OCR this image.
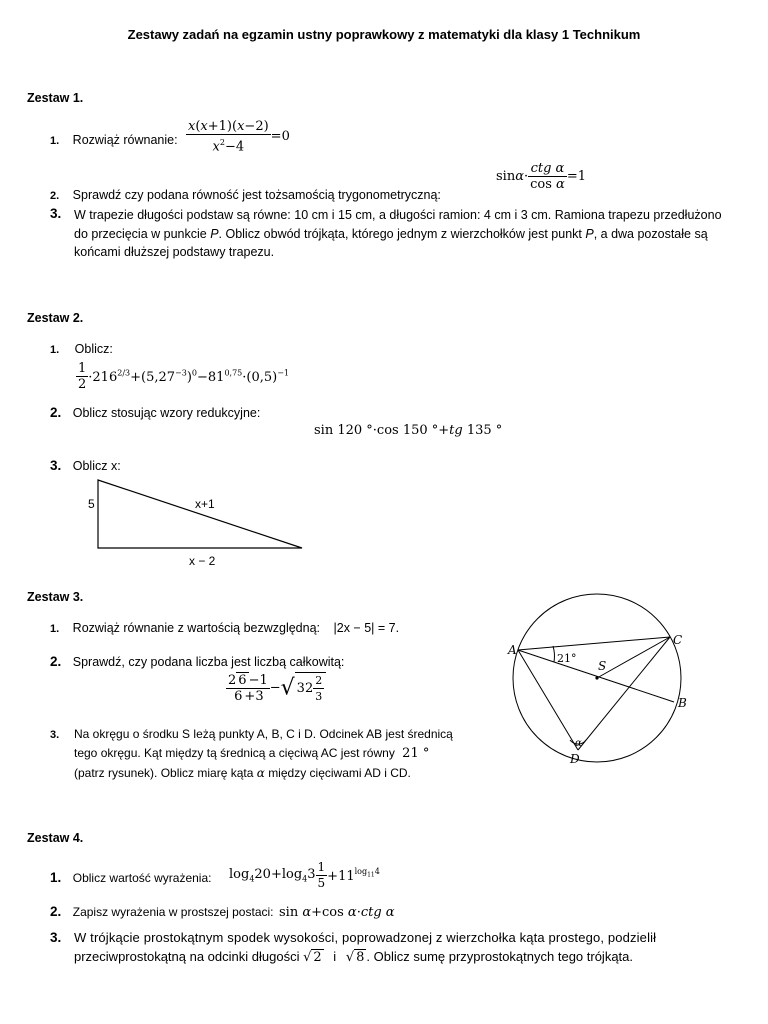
Zestawy zadań na egzamin ustny poprawkowy z matematyki dla klasy 1 Technikum
Zestaw 1.
1. Rozwiąż równanie: $\frac{x(x+1)(x-2)}{x^2-4} =0$
$\sin\alpha\cdot \frac{\text{ctg α}}{\text{cos α}} =1$
2. Sprawdź czy podana równość jest tożsamością trygonometryczną:
3. W trapezie długości podstaw są równe: 10 cm i 15 cm, a długości ramion: 4 cm i 3 cm. Ramiona trapezu przedłużono do przecięcia w punkcie P. Oblicz obwód trójkąta, którego jednym z wierzchołków jest punkt P, a dwa pozostałe są końcami dłuższej podstawy trapezu.
Zestaw 2.
1. Oblicz:
$\frac{1}{2} \cdot 216^{2/3}+(5,27^{-3})^0-81^{0,75}\cdot(0,5)^{-1}$
2. Oblicz stosując wzory redukcyjne:
sin 120 °·cos 150 °+tg 135 °
3. Oblicz x:
5	x+1
x − 2
Zestaw 3.
1. Rozwiąż równanie z wartością bezwzględną: |2x − 5| = 7.
2. Sprawdź, czy podana liczba jest liczbą całkowitą:
$\frac{2 6 -1}{6 +3}$ −√ $32 \frac{2}{3}$
3. Na okręgu o środku S leżą punkty A, B, C i D. Odcinek AB jest średnicą
tego okręgu. Kąt między tą średnicą a cięciwą AC jest równy 21 °
(patrz rysunek). Oblicz miarę kąta α między cięciwami AD i CD.
A
B
C
D
S
21°
α
Zestaw 4.
1. Oblicz wartość wyrażenia: $\log_420+\log_43 \frac{1}{5} +11^{log_{11}4}$
2. Zapisz wyrażenia w prostszej postaci: sin α+cos α·ctg α
3. W trójkącie prostokątnym spodek wysokości, poprowadzonej z wierzchołka kąta prostego, podzielił
przeciwprostokątną na odcinki długości √ 2 i √ 8 . Oblicz sumę przyprostokątnych tego trójkąta.
